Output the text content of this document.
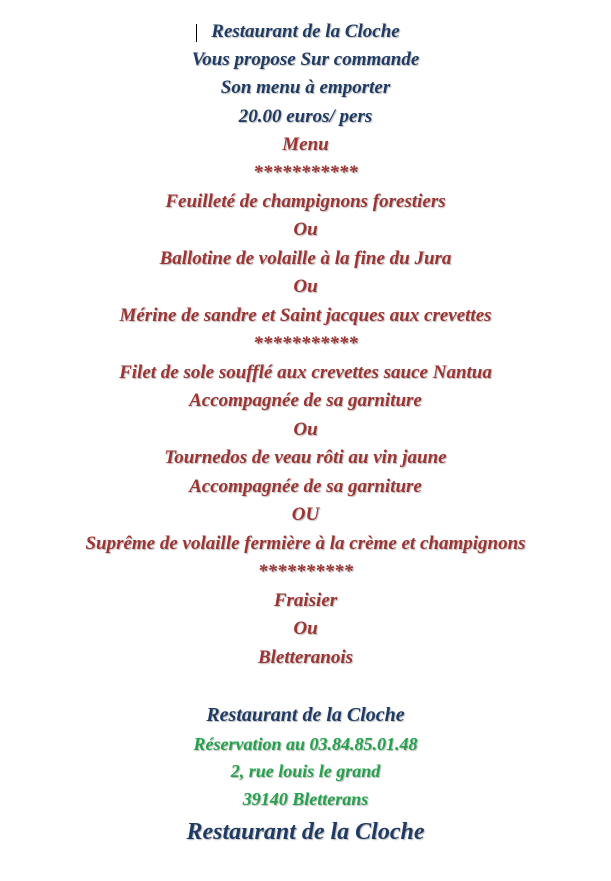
Restaurant de la Cloche
Vous propose Sur commande
Son menu à emporter
20.00 euros/ pers
Menu
***********
Feuilleté de champignons forestiers
Ou
Ballotine de volaille à la fine du Jura
Ou
Mérine de sandre et Saint jacques aux crevettes
***********
Filet de sole soufflé aux crevettes sauce Nantua
Accompagnée de sa garniture
Ou
Tournedos de veau rôti au vin jaune
Accompagnée de sa garniture
OU
Suprême de volaille fermière à la crème et champignons
**********
Fraisier
Ou
Bletteranois
Restaurant de la Cloche
Réservation au 03.84.85.01.48
2, rue louis le grand
39140 Bletterans
Restaurant de la Cloche
